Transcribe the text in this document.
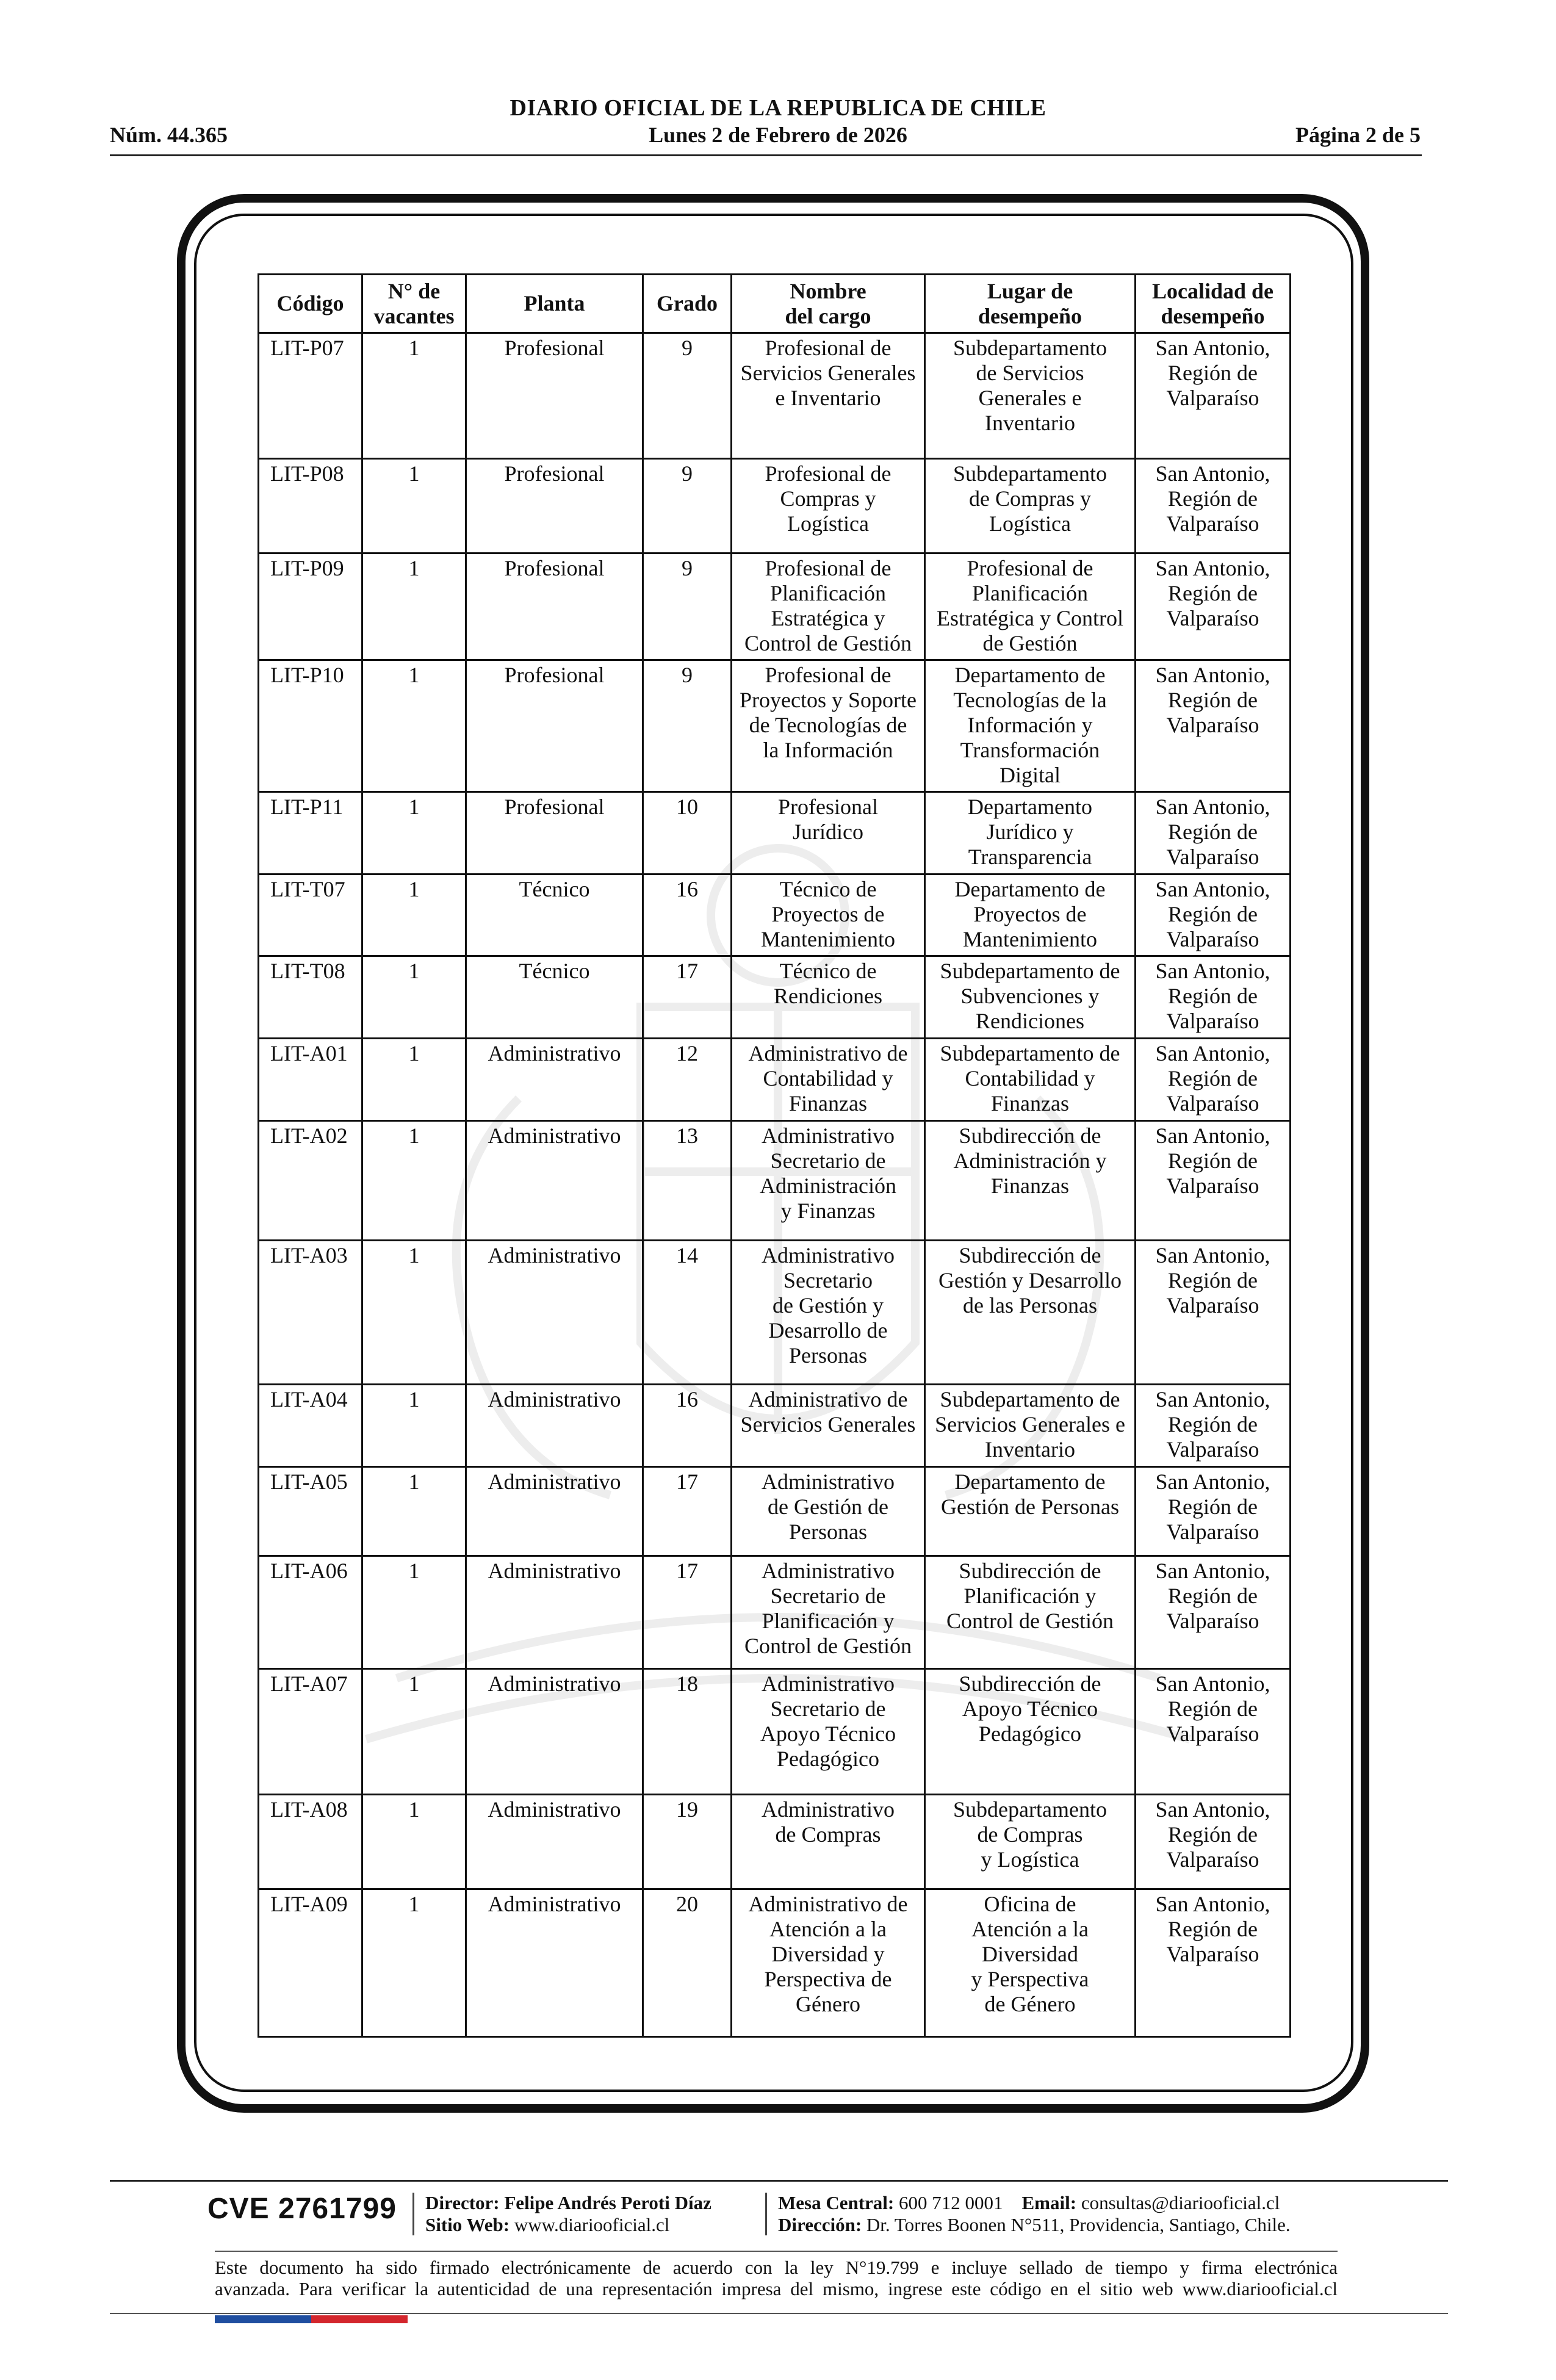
DIARIO OFICIAL DE LA REPUBLICA DE CHILE
Núm. 44.365	Lunes 2 de Febrero de 2026	Página 2 de 5
Código	N° de
vacantes	Planta	Grado	Nombre
del cargo	Lugar de
desempeño	Localidad de
desempeño
LIT-P07	1	Profesional	9	Profesional de
Servicios Generales
e Inventario	Subdepartamento
de Servicios
Generales e
Inventario	San Antonio,
Región de
Valparaíso
LIT-P08	1	Profesional	9	Profesional de
Compras y
Logística	Subdepartamento
de Compras y
Logística	San Antonio,
Región de
Valparaíso
LIT-P09	1	Profesional	9	Profesional de
Planificación
Estratégica y
Control de Gestión	Profesional de
Planificación
Estratégica y Control
de Gestión	San Antonio,
Región de
Valparaíso
LIT-P10	1	Profesional	9	Profesional de
Proyectos y Soporte
de Tecnologías de
la Información	Departamento de
Tecnologías de la
Información y
Transformación
Digital	San Antonio,
Región de
Valparaíso
LIT-P11	1	Profesional	10	Profesional
Jurídico	Departamento
Jurídico y
Transparencia	San Antonio,
Región de
Valparaíso
LIT-T07	1	Técnico	16	Técnico de
Proyectos de
Mantenimiento	Departamento de
Proyectos de
Mantenimiento	San Antonio,
Región de
Valparaíso
LIT-T08	1	Técnico	17	Técnico de
Rendiciones	Subdepartamento de
Subvenciones y
Rendiciones	San Antonio,
Región de
Valparaíso
LIT-A01	1	Administrativo	12	Administrativo de
Contabilidad y
Finanzas	Subdepartamento de
Contabilidad y
Finanzas	San Antonio,
Región de
Valparaíso
LIT-A02	1	Administrativo	13	Administrativo
Secretario de
Administración
y Finanzas	Subdirección de
Administración y
Finanzas	San Antonio,
Región de
Valparaíso
LIT-A03	1	Administrativo	14	Administrativo
Secretario
de Gestión y
Desarrollo de
Personas	Subdirección de
Gestión y Desarrollo
de las Personas	San Antonio,
Región de
Valparaíso
LIT-A04	1	Administrativo	16	Administrativo de
Servicios Generales	Subdepartamento de
Servicios Generales e
Inventario	San Antonio,
Región de
Valparaíso
LIT-A05	1	Administrativo	17	Administrativo
de Gestión de
Personas	Departamento de
Gestión de Personas	San Antonio,
Región de
Valparaíso
LIT-A06	1	Administrativo	17	Administrativo
Secretario de
Planificación y
Control de Gestión	Subdirección de
Planificación y
Control de Gestión	San Antonio,
Región de
Valparaíso
LIT-A07	1	Administrativo	18	Administrativo
Secretario de
Apoyo Técnico
Pedagógico	Subdirección de
Apoyo Técnico
Pedagógico	San Antonio,
Región de
Valparaíso
LIT-A08	1	Administrativo	19	Administrativo
de Compras	Subdepartamento
de Compras
y Logística	San Antonio,
Región de
Valparaíso
LIT-A09	1	Administrativo	20	Administrativo de
Atención a la
Diversidad y
Perspectiva de
Género	Oficina de
Atención a la
Diversidad
y Perspectiva
de Género	San Antonio,
Región de
Valparaíso
CVE 2761799 Director: Felipe Andrés Peroti Díaz
Sitio Web: www.diariooficial.cl
Mesa Central: 600 712 0001 Email: consultas@diariooficial.cl
Dirección: Dr. Torres Boonen N°511, Providencia, Santiago, Chile.
Este documento ha sido firmado electrónicamente de acuerdo con la ley N°19.799 e incluye sellado de tiempo y firma electrónica
avanzada. Para verificar la autenticidad de una representación impresa del mismo, ingrese este código en el sitio web www.diariooficial.cl
